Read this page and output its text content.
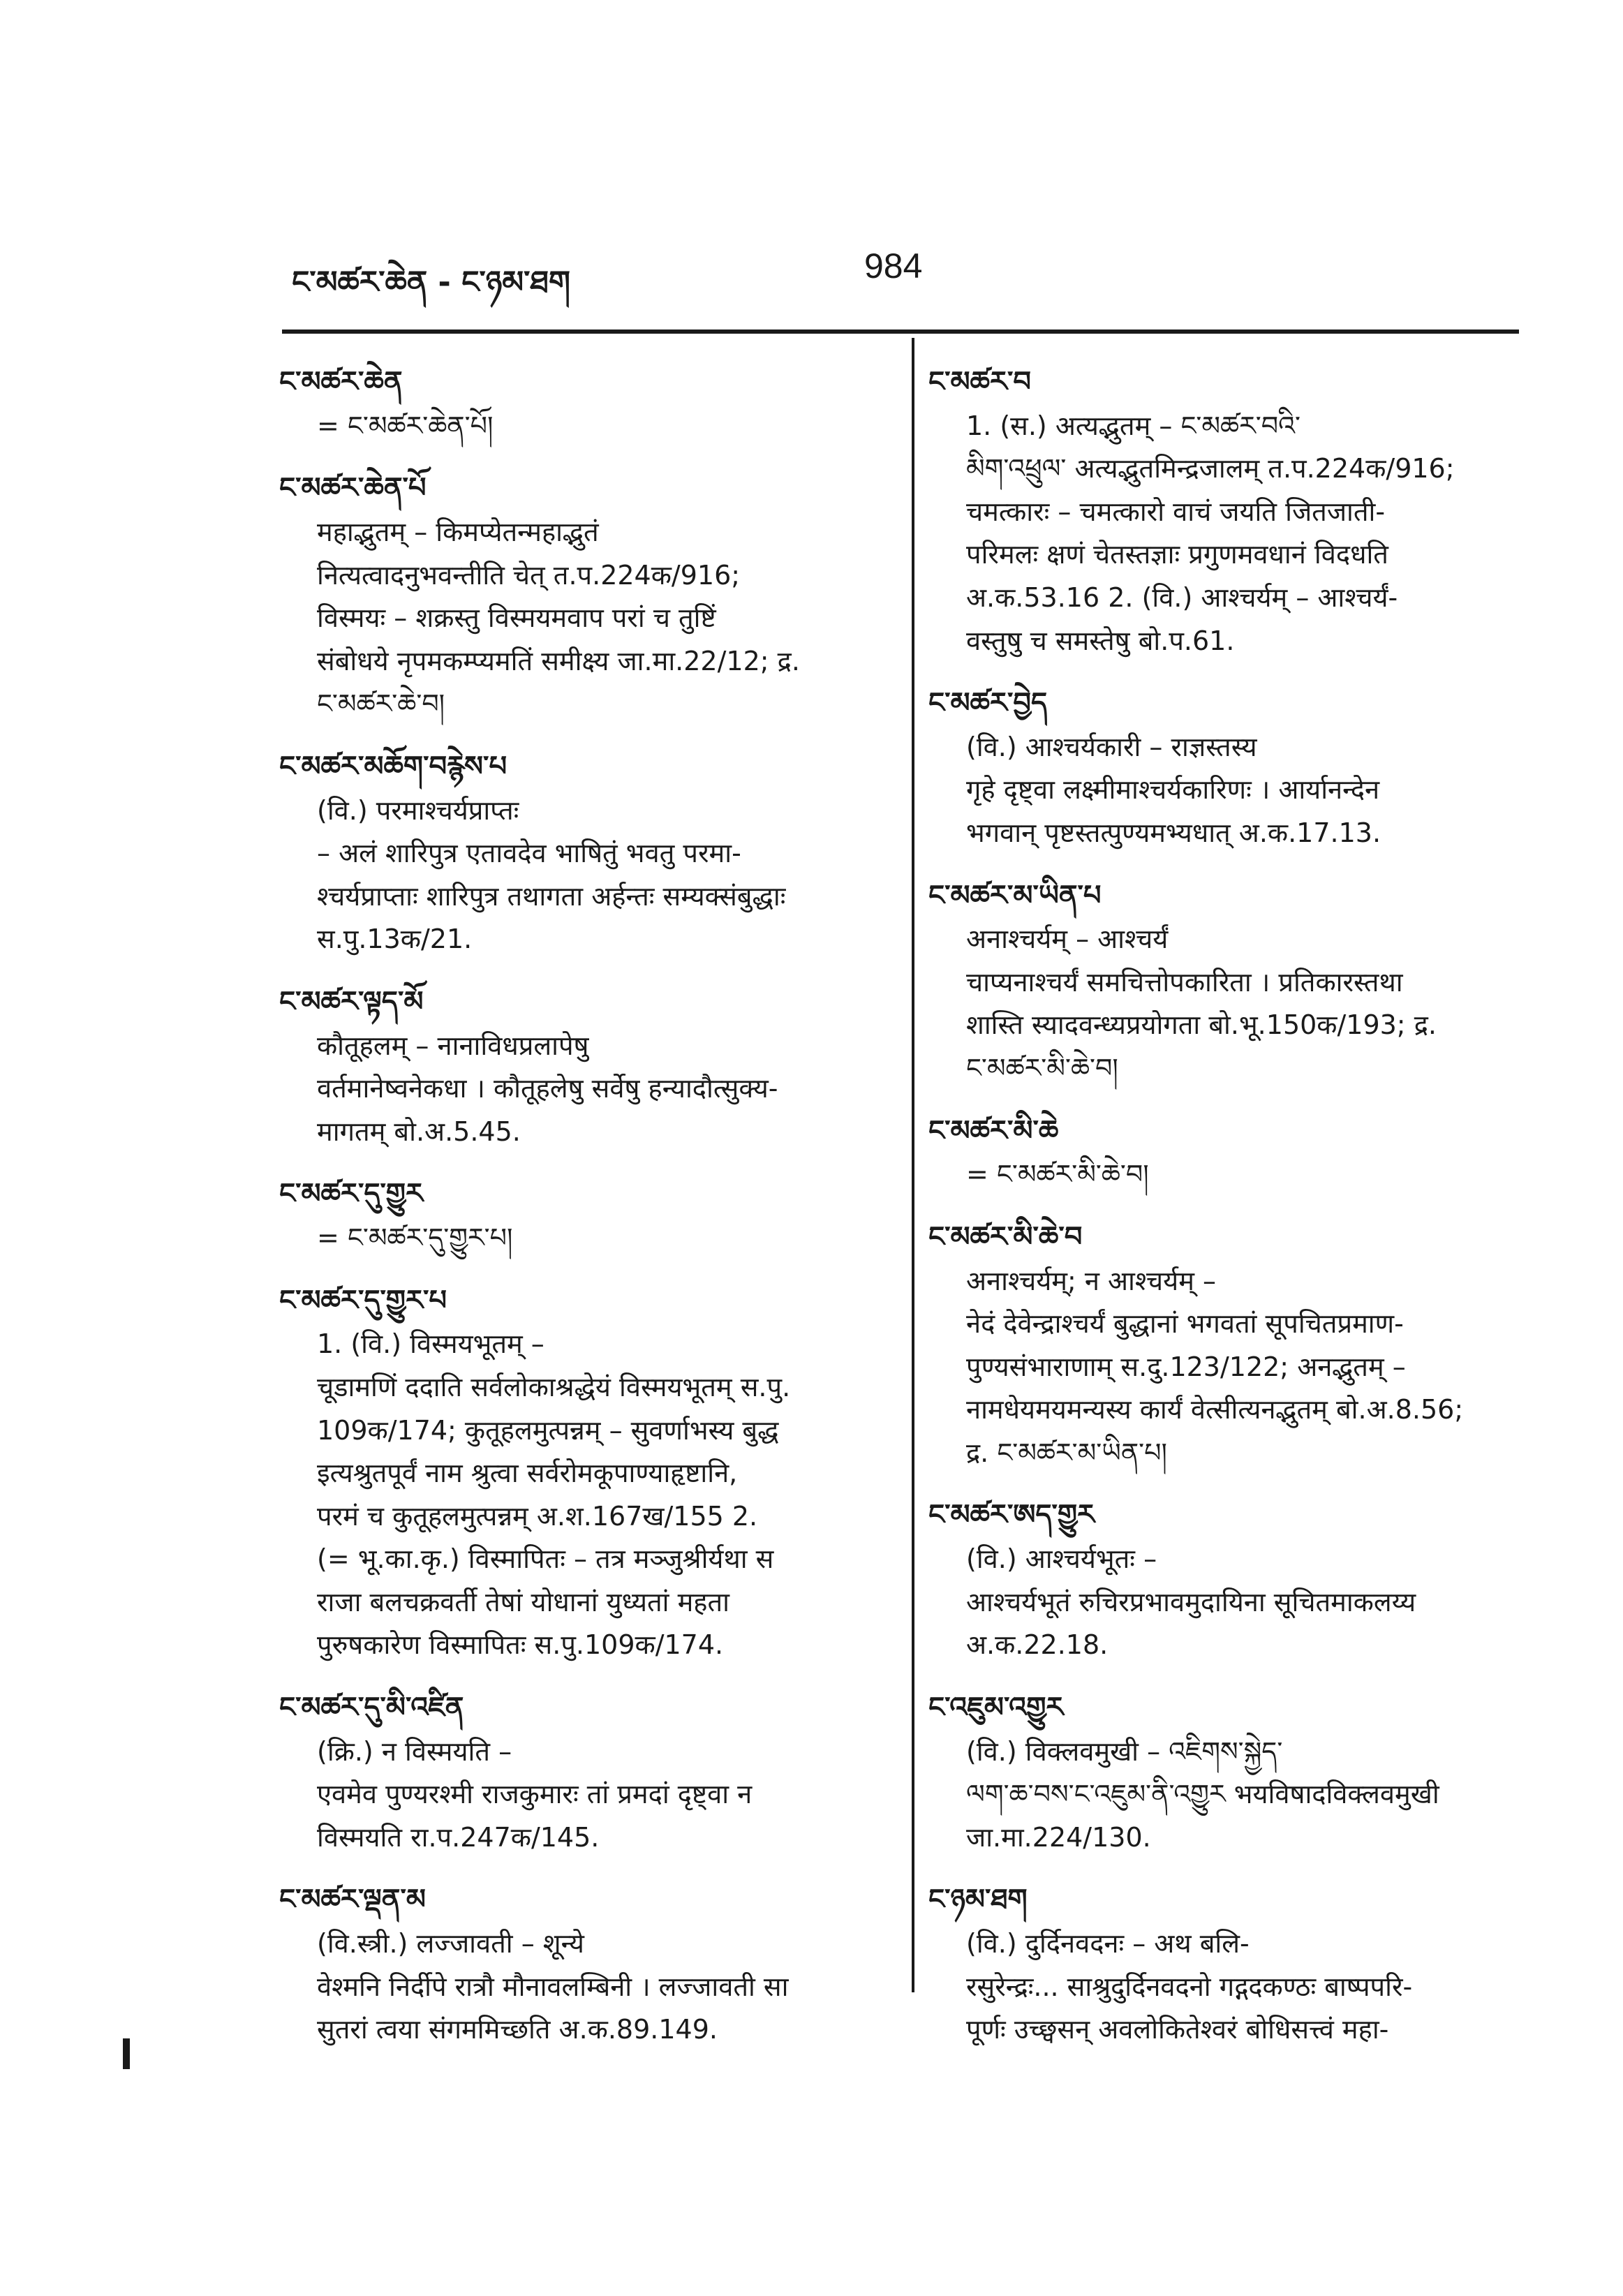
ང་མཚར་ཆེན - ང་ཉམ་ཐག	984
ང་མཚར་ཆེན
= ང་མཚར་ཆེན་པོ།
ང་མཚར་ཆེན་པོ
महाद्भुतम् – किमप्येतन्महाद्भुतं
नित्यत्वादनुभवन्तीति चेत् त.प.224क/916;
विस्मयः – शक्रस्तु विस्मयमवाप परां च तुष्टिं
संबोधये नृपमकम्प्यमतिं समीक्ष्य जा.मा.22/12; द्र.
ང་མཚར་ཆེ་བ།
ང་མཚར་མཆོག་བརྙེས་པ
(वि.) परमाश्चर्यप्राप्तः
– अलं शारिपुत्र एतावदेव भाषितुं भवतु परमा-
श्चर्यप्राप्ताः शारिपुत्र तथागता अर्हन्तः सम्यक्संबुद्धाः
स.पु.13क/21.
ང་མཚར་ལྟད་མོ
कौतूहलम् – नानाविधप्रलापेषु
वर्तमानेष्वनेकधा । कौतूहलेषु सर्वेषु हन्यादौत्सुक्य-
मागतम् बो.अ.5.45.
ང་མཚར་དུ་གྱུར
= ང་མཚར་དུ་གྱུར་པ།
ང་མཚར་དུ་གྱུར་པ
1. (वि.) विस्मयभूतम् –
चूडामणिं ददाति सर्वलोकाश्रद्धेयं विस्मयभूतम् स.पु.
109क/174; कुतूहलमुत्पन्नम् – सुवर्णाभस्य बुद्ध
इत्यश्रुतपूर्वं नाम श्रुत्वा सर्वरोमकूपाण्याहृष्टानि,
परमं च कुतूहलमुत्पन्नम् अ.श.167ख/155 2.
(= भू.का.कृ.) विस्मापितः – तत्र मञ्जुश्रीर्यथा स
राजा बलचक्रवर्ती तेषां योधानां युध्यतां महता
पुरुषकारेण विस्मापितः स.पु.109क/174.
ང་མཚར་དུ་མི་འཛིན
(क्रि.) न विस्मयति –
एवमेव पुण्यरश्मी राजकुमारः तां प्रमदां दृष्ट्वा न
विस्मयति रा.प.247क/145.
ང་མཚར་ལྡན་མ
(वि.स्त्री.) लज्जावती – शून्ये
वेश्मनि निर्दीपे रात्रौ मौनावलम्बिनी । लज्जावती सा
सुतरां त्वया संगममिच्छति अ.क.89.149.
ང་མཚར་བ
1. (स.) अत्यद्भुतम् – ང་མཚར་བའི་
མིག་འཕྲུལ་ अत्यद्भुतमिन्द्रजालम् त.प.224क/916;
चमत्कारः – चमत्कारो वाचं जयति जितजाती-
परिमलः क्षणं चेतस्तज्ञाः प्रगुणमवधानं विदधति
अ.क.53.16 2. (वि.) आश्चर्यम् – आश्चर्यं-
वस्तुषु च समस्तेषु बो.प.61.
ང་མཚར་བྱེད
(वि.) आश्चर्यकारी – राज्ञस्तस्य
गृहे दृष्ट्वा लक्ष्मीमाश्चर्यकारिणः । आर्यानन्देन
भगवान् पृष्टस्तत्पुण्यमभ्यधात् अ.क.17.13.
ང་མཚར་མ་ཡིན་པ
अनाश्चर्यम् – आश्चर्यं
चाप्यनाश्चर्यं समचित्तोपकारिता । प्रतिकारस्तथा
शास्ति स्यादवन्ध्यप्रयोगता बो.भू.150क/193; द्र.
ང་མཚར་མི་ཆེ་བ།
ང་མཚར་མི་ཆེ
= ང་མཚར་མི་ཆེ་བ།
ང་མཚར་མི་ཆེ་བ
अनाश्चर्यम्; न आश्चर्यम् –
नेदं देवेन्द्राश्चर्यं बुद्धानां भगवतां सूपचितप्रमाण-
पुण्यसंभाराणाम् स.दु.123/122; अनद्भुतम् –
नामधेयमयमन्यस्य कार्यं वेत्सीत्यनद्भुतम् बो.अ.8.56;
द्र. ང་མཚར་མ་ཡིན་པ།
ང་མཚར་ཨད་གྱུར
(वि.) आश्चर्यभूतः –
आश्चर्यभूतं रुचिरप्रभावमुदायिना सूचितमाकलय्य
अ.क.22.18.
ང་འཇུམ་འགྱུར
(वि.) विक्लवमुखी – འཇིགས་སྐྱེད་
ལག་ཆ་བས་ང་འཇུམ་ནི་འགྱུར भयविषादविक्लवमुखी
जा.मा.224/130.
ང་ཉམ་ཐག
(वि.) दुर्दिनवदनः – अथ बलि-
रसुरेन्द्रः... साश्रुदुर्दिनवदनो गद्गदकण्ठः बाष्पपरि-
पूर्णः उच्छ्वसन् अवलोकितेश्वरं बोधिसत्त्वं महा-
